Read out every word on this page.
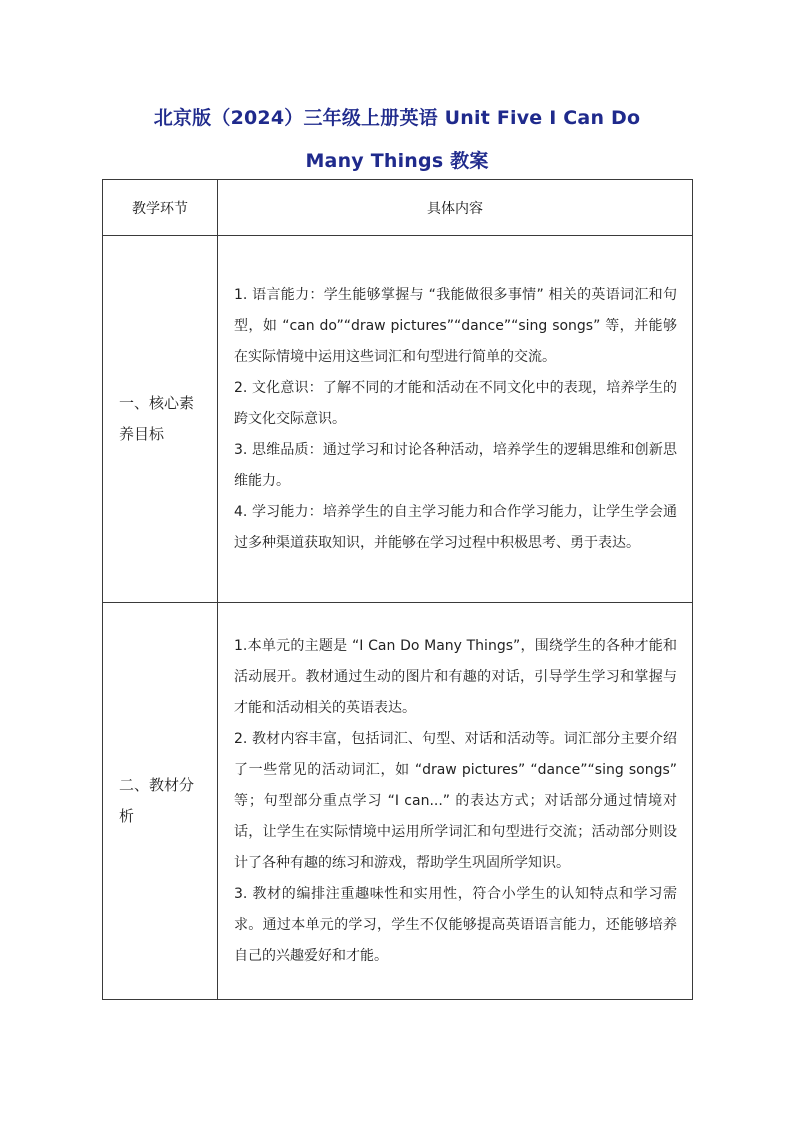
北京版（2024）三年级上册英语 Unit Five I Can Do
Many Things 教案
教学环节	具体内容
一、核心素养目标	1. 语言能力：学生能够掌握与 “我能做很多事情” 相关的英语词汇和句型，如 “can do”“draw pictures”“dance”“sing songs” 等，并能够在实际情境中运用这些词汇和句型进行简单的交流。

2. 文化意识：了解不同的才能和活动在不同文化中的表现，培养学生的跨文化交际意识。

3. 思维品质：通过学习和讨论各种活动，培养学生的逻辑思维和创新思维能力。

4. 学习能力：培养学生的自主学习能力和合作学习能力，让学生学会通过多种渠道获取知识，并能够在学习过程中积极思考、勇于表达。

二、教材分析	1.本单元的主题是 “I Can Do Many Things”，围绕学生的各种才能和活动展开。教材通过生动的图片和有趣的对话，引导学生学习和掌握与才能和活动相关的英语表达。

2. 教材内容丰富，包括词汇、句型、对话和活动等。词汇部分主要介绍了一些常见的活动词汇，如 “draw pictures” “dance”“sing songs” 等；句型部分重点学习 “I can...” 的表达方式；对话部分通过情境对话，让学生在实际情境中运用所学词汇和句型进行交流；活动部分则设计了各种有趣的练习和游戏，帮助学生巩固所学知识。

3. 教材的编排注重趣味性和实用性，符合小学生的认知特点和学习需求。通过本单元的学习，学生不仅能够提高英语语言能力，还能够培养自己的兴趣爱好和才能。
